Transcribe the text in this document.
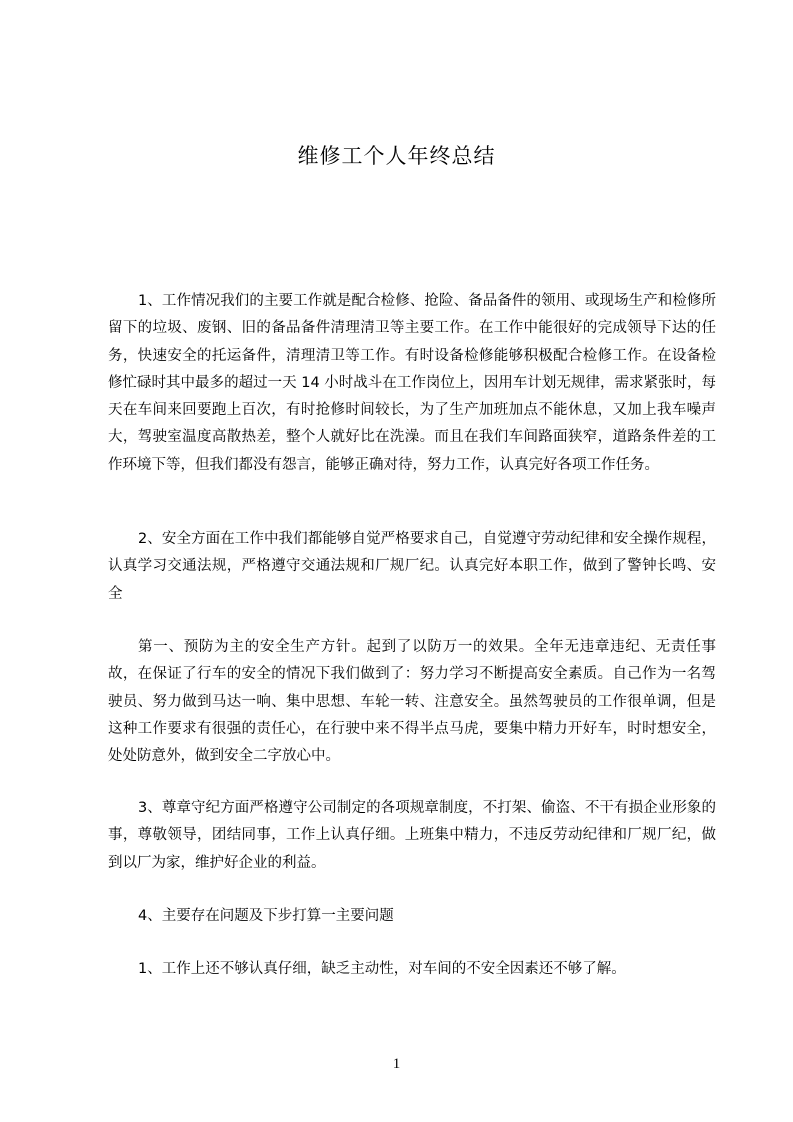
维修工个人年终总结

1、工作情况我们的主要工作就是配合检修、抢险、备品备件的领用、或现场生产和检修所留下的垃圾、废钢、旧的备品备件清理清卫等主要工作。在工作中能很好的完成领导下达的任务，快速安全的托运备件，清理清卫等工作。有时设备检修能够积极配合检修工作。在设备检修忙碌时其中最多的超过一天 14 小时战斗在工作岗位上，因用车计划无规律，需求紧张时，每天在车间来回要跑上百次，有时抢修时间较长，为了生产加班加点不能休息，又加上我车噪声大，驾驶室温度高散热差，整个人就好比在洗澡。而且在我们车间路面狭窄，道路条件差的工作环境下等，但我们都没有怨言，能够正确对待，努力工作，认真完好各项工作任务。

2、安全方面在工作中我们都能够自觉严格要求自己，自觉遵守劳动纪律和安全操作规程，认真学习交通法规，严格遵守交通法规和厂规厂纪。认真完好本职工作，做到了警钟长鸣、安全

第一、预防为主的安全生产方针。起到了以防万一的效果。全年无违章违纪、无责任事故，在保证了行车的安全的情况下我们做到了：努力学习不断提高安全素质。自己作为一名驾驶员、努力做到马达一响、集中思想、车轮一转、注意安全。虽然驾驶员的工作很单调，但是这种工作要求有很强的责任心，在行驶中来不得半点马虎，要集中精力开好车，时时想安全，处处防意外，做到安全二字放心中。

3、尊章守纪方面严格遵守公司制定的各项规章制度，不打架、偷盗、不干有损企业形象的事，尊敬领导，团结同事，工作上认真仔细。上班集中精力，不违反劳动纪律和厂规厂纪，做到以厂为家，维护好企业的利益。

4、主要存在问题及下步打算一主要问题

1、工作上还不够认真仔细，缺乏主动性，对车间的不安全因素还不够了解。

1
